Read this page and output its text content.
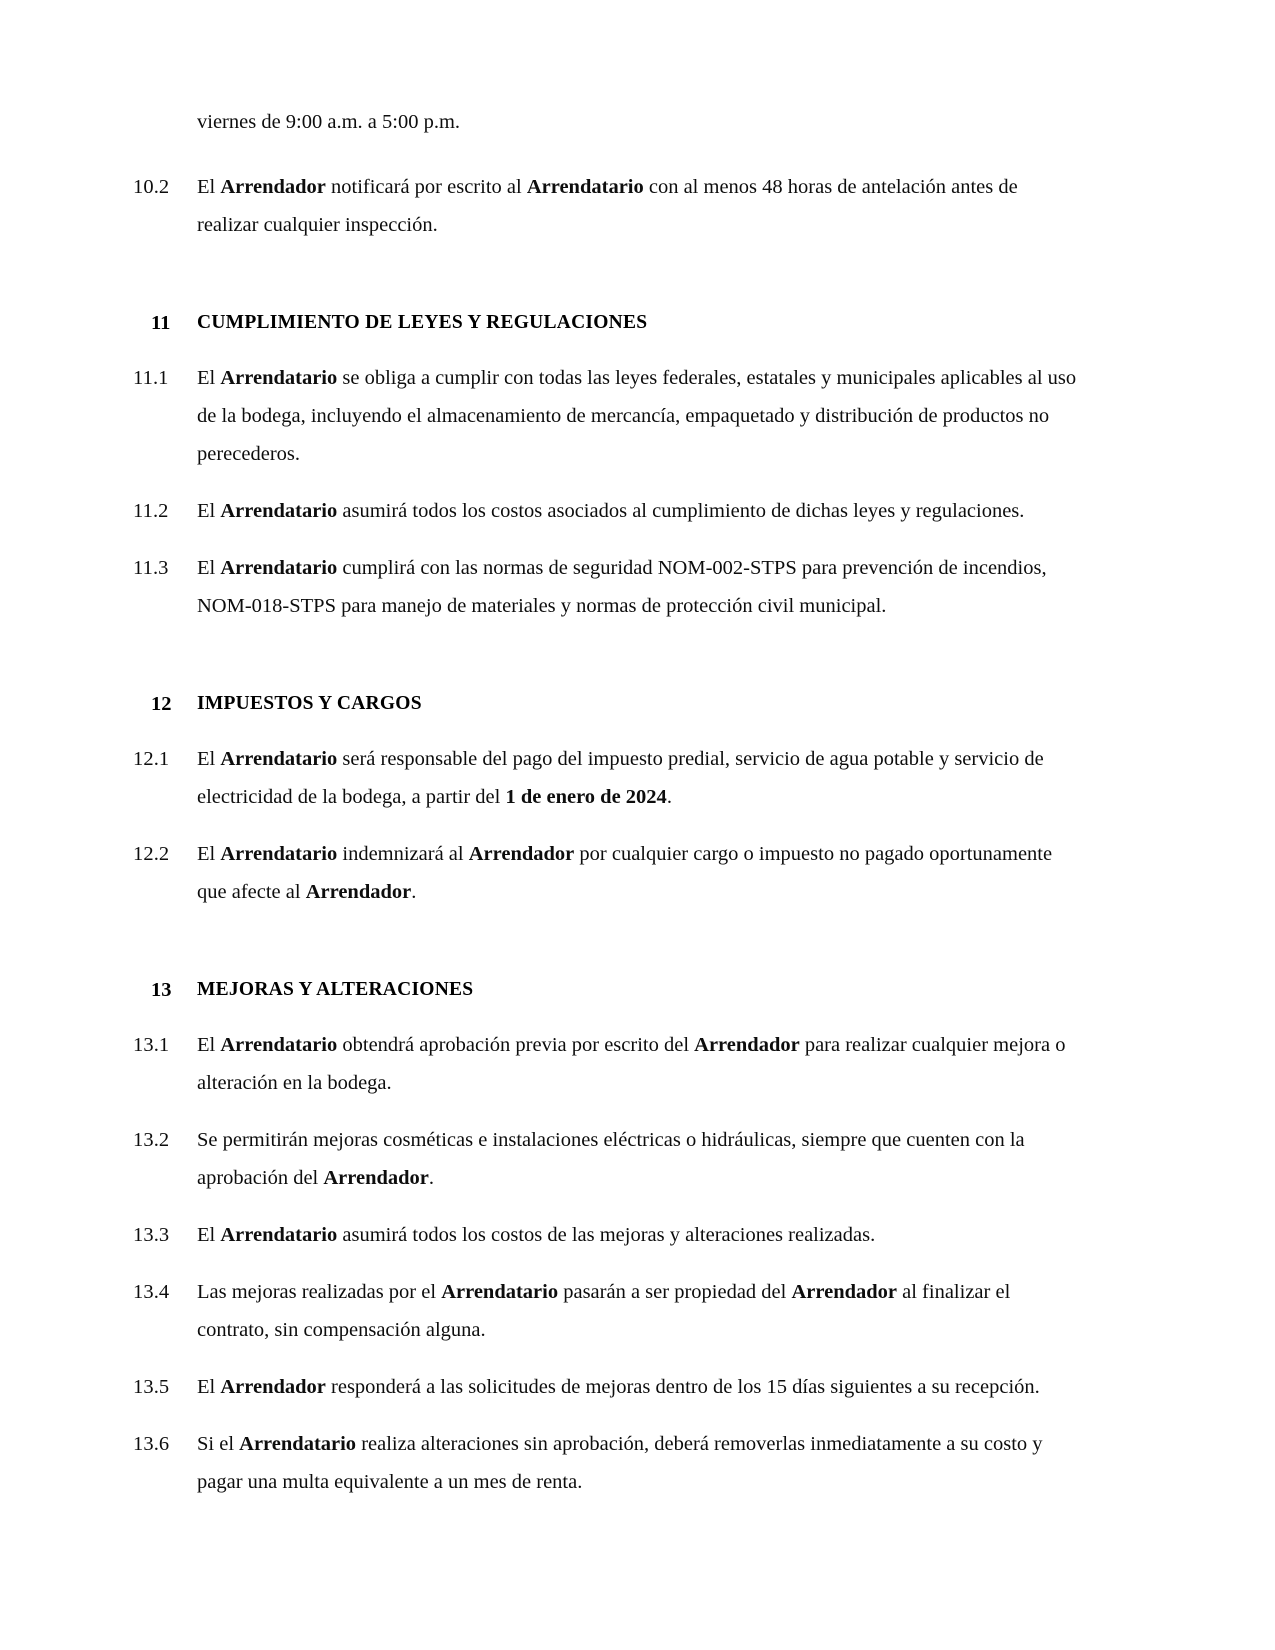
viernes de 9:00 a.m. a 5:00 p.m.

10.2	El Arrendador notificará por escrito al Arrendatario con al menos 48 horas de antelación antes de realizar cualquier inspección.
11	CUMPLIMIENTO DE LEYES Y REGULACIONES
11.1	El Arrendatario se obliga a cumplir con todas las leyes federales, estatales y municipales aplicables al uso de la bodega, incluyendo el almacenamiento de mercancía, empaquetado y distribución de productos no perecederos.
11.2	El Arrendatario asumirá todos los costos asociados al cumplimiento de dichas leyes y regulaciones.
11.3	El Arrendatario cumplirá con las normas de seguridad NOM-002-STPS para prevención de incendios, NOM-018-STPS para manejo de materiales y normas de protección civil municipal.
12	IMPUESTOS Y CARGOS
12.1	El Arrendatario será responsable del pago del impuesto predial, servicio de agua potable y servicio de electricidad de la bodega, a partir del 1 de enero de 2024.
12.2	El Arrendatario indemnizará al Arrendador por cualquier cargo o impuesto no pagado oportunamente que afecte al Arrendador.
13	MEJORAS Y ALTERACIONES
13.1	El Arrendatario obtendrá aprobación previa por escrito del Arrendador para realizar cualquier mejora o alteración en la bodega.
13.2	Se permitirán mejoras cosméticas e instalaciones eléctricas o hidráulicas, siempre que cuenten con la aprobación del Arrendador.
13.3	El Arrendatario asumirá todos los costos de las mejoras y alteraciones realizadas.
13.4	Las mejoras realizadas por el Arrendatario pasarán a ser propiedad del Arrendador al finalizar el contrato, sin compensación alguna.
13.5	El Arrendador responderá a las solicitudes de mejoras dentro de los 15 días siguientes a su recepción.
13.6	Si el Arrendatario realiza alteraciones sin aprobación, deberá removerlas inmediatamente a su costo y pagar una multa equivalente a un mes de renta.
